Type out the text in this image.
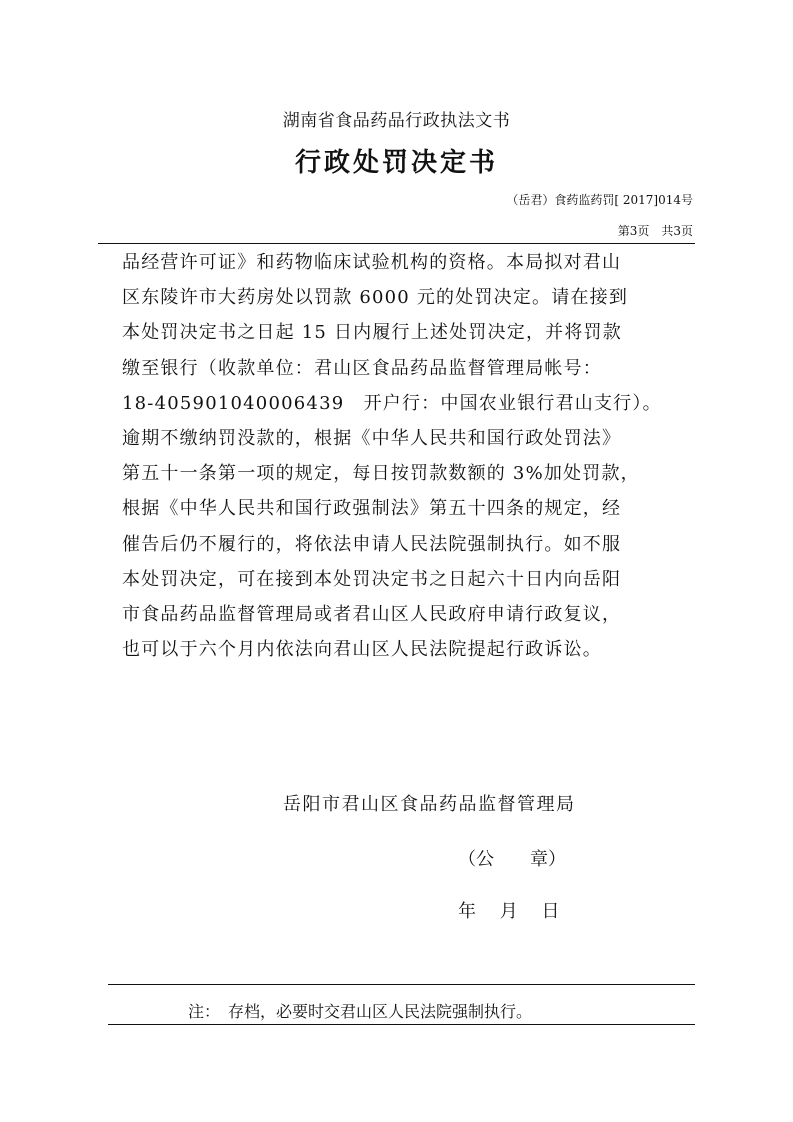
湖南省食品药品行政执法文书
行政处罚决定书
（岳君）食药监药罚[ 2017]014号
第3页　共3页
品经营许可证》和药物临床试验机构的资格。本局拟对君山
区东陵许市大药房处以罚款 6000 元的处罚决定。请在接到
本处罚决定书之日起 15 日内履行上述处罚决定，并将罚款
缴至银行（收款单位：君山区食品药品监督管理局帐号：
18-405901040006439　开户行：中国农业银行君山支行）。
逾期不缴纳罚没款的，根据《中华人民共和国行政处罚法》
第五十一条第一项的规定，每日按罚款数额的 3%加处罚款，
根据《中华人民共和国行政强制法》第五十四条的规定，经
催告后仍不履行的，将依法申请人民法院强制执行。如不服
本处罚决定，可在接到本处罚决定书之日起六十日内向岳阳
市食品药品监督管理局或者君山区人民政府申请行政复议，
也可以于六个月内依法向君山区人民法院提起行政诉讼。
岳阳市君山区食品药品监督管理局
（公　　章）
年　 月　 日
注：　存档，必要时交君山区人民法院强制执行。
